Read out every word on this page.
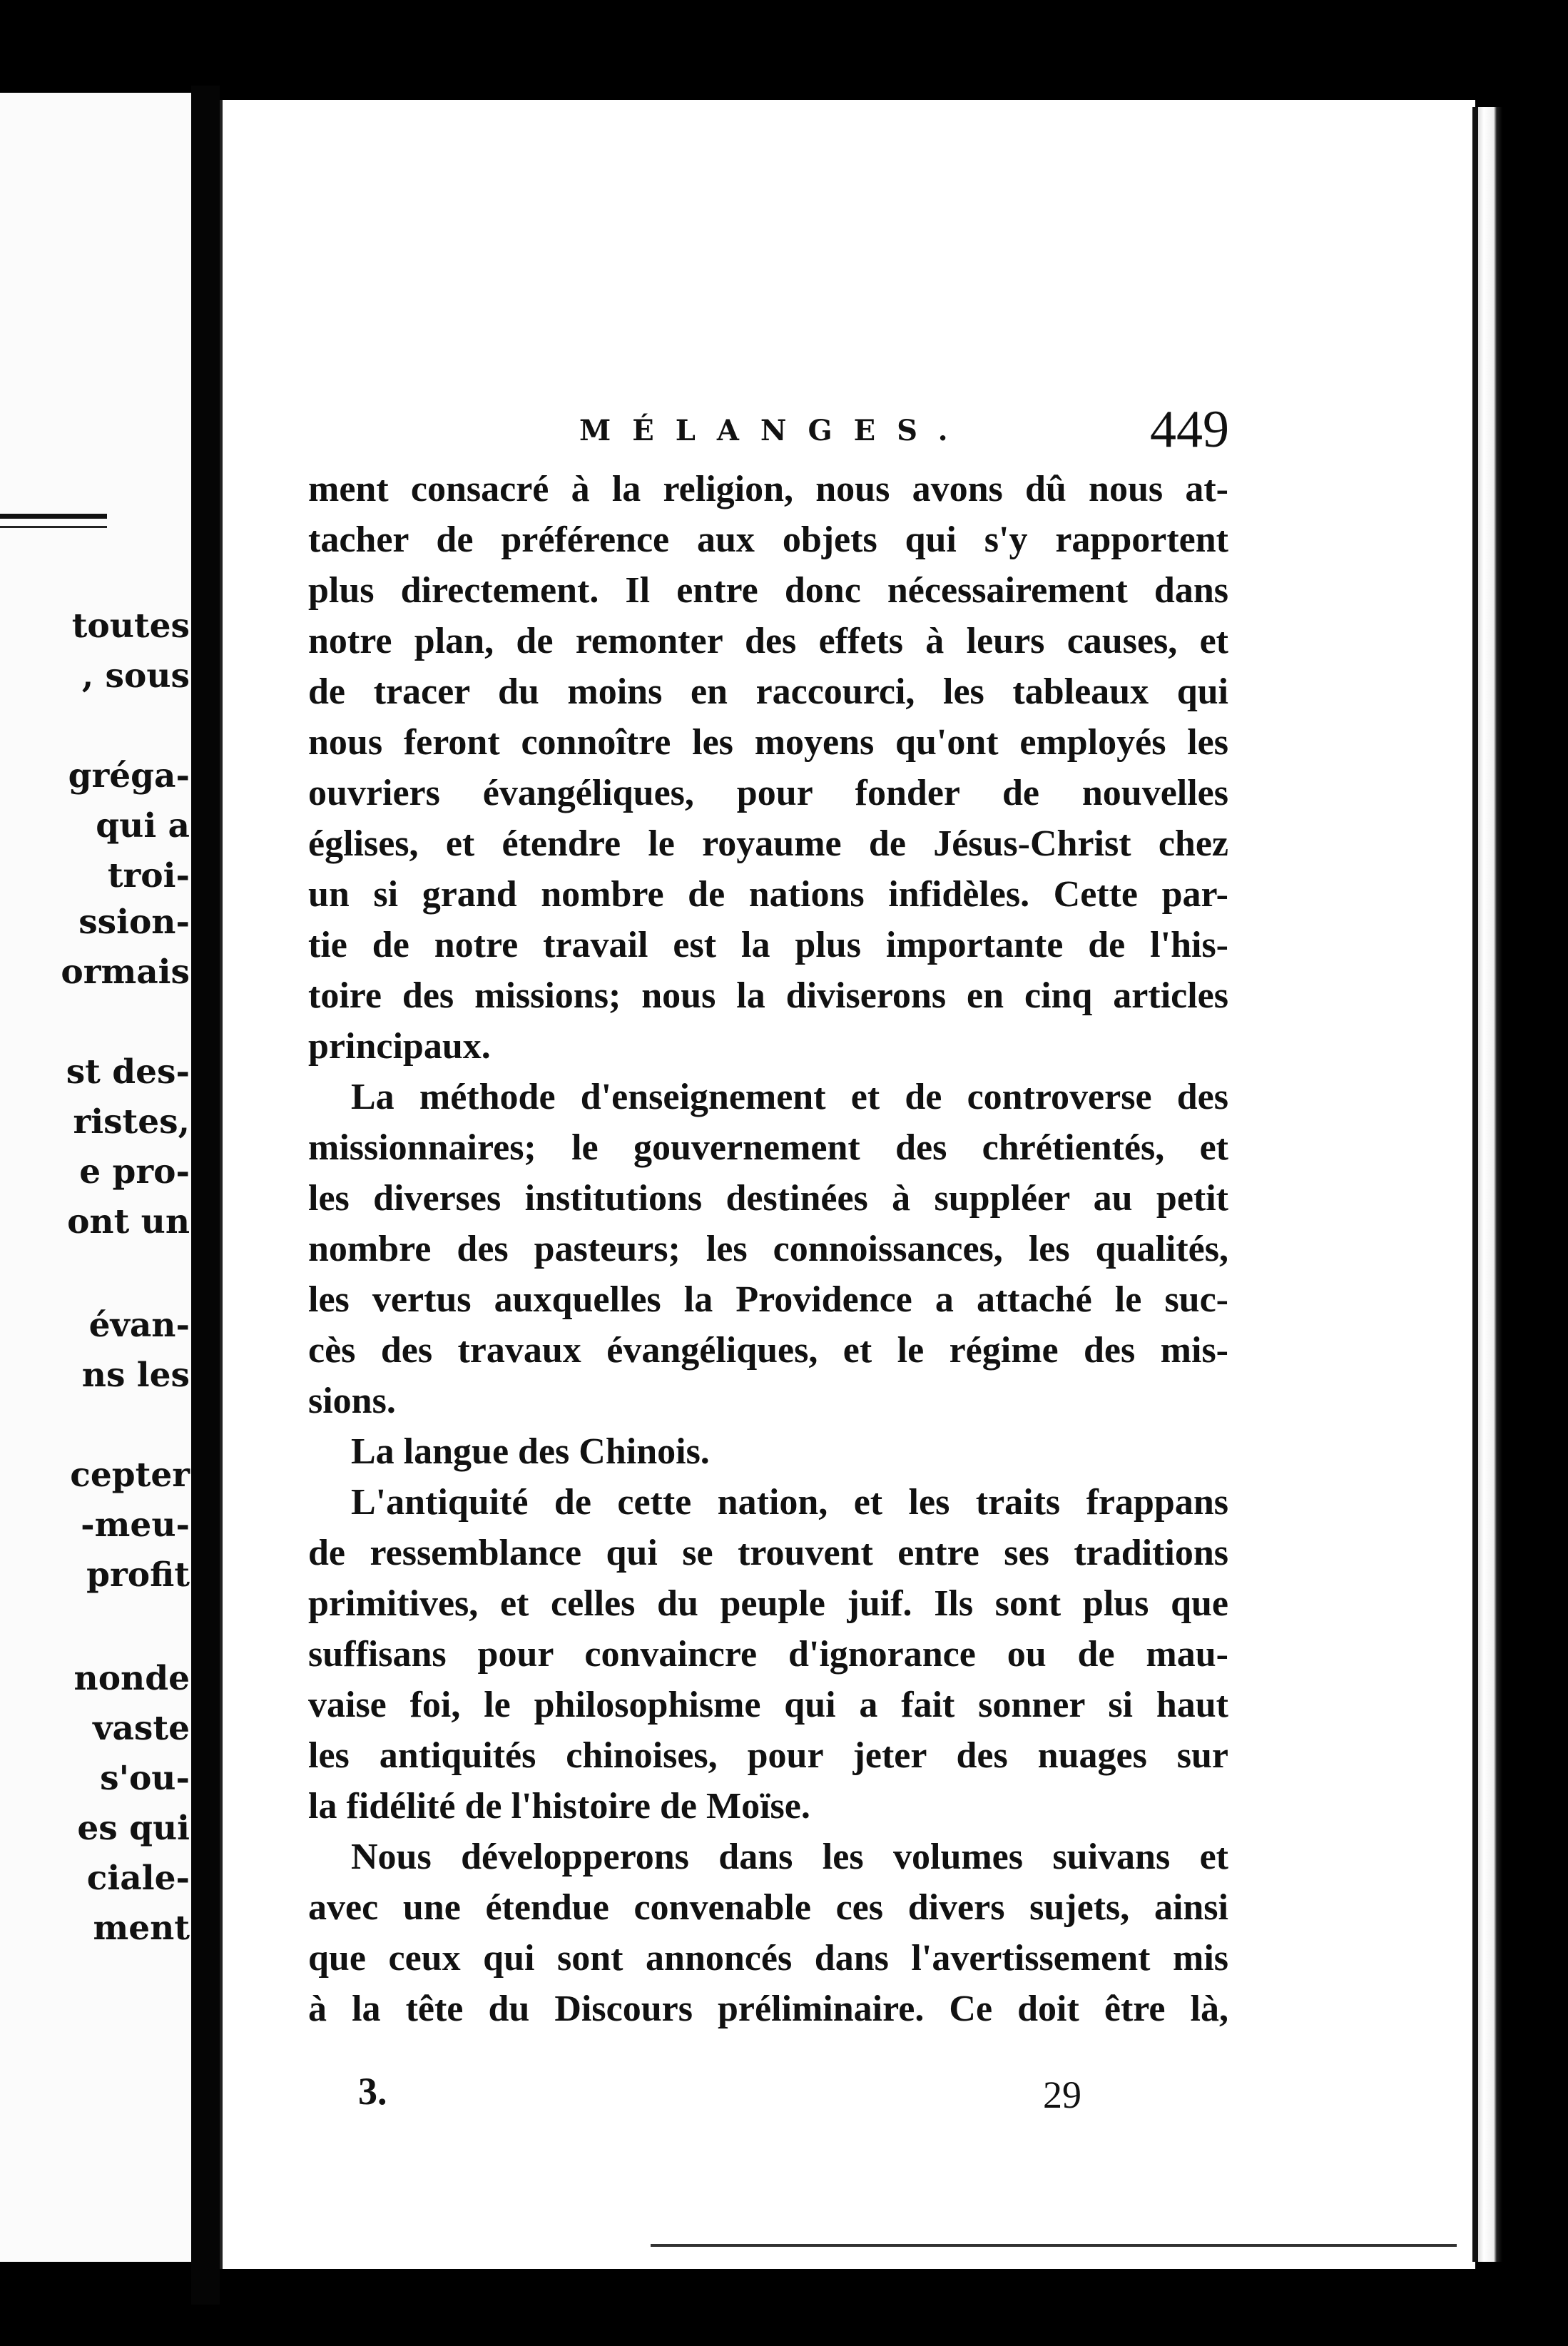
toutes
, sous
grégа-
qui a
troi-
ssion-
ormais
st des-
ristes,
e pro-
ont un
évan-
ns les
cepter
-meu-
profit
nonde
vaste
s'ou-
es qui
ciale-
ment
MÉLANGES.	449
ment consacré à la religion, nous avons dû nous at-
tacher de préférence aux objets qui s'y rapportent
plus directement. Il entre donc nécessairement dans
notre plan, de remonter des effets à leurs causes, et
de tracer du moins en raccourci, les tableaux qui
nous feront connoître les moyens qu'ont employés les
ouvriers évangéliques, pour fonder de nouvelles
églises, et étendre le royaume de Jésus-Christ chez
un si grand nombre de nations infidèles. Cette par-
tie de notre travail est la plus importante de l'his-
toire des missions; nous la diviserons en cinq articles
principaux.
La méthode d'enseignement et de controverse des
missionnaires; le gouvernement des chrétientés, et
les diverses institutions destinées à suppléer au petit
nombre des pasteurs; les connoissances, les qualités,
les vertus auxquelles la Providence a attaché le suc-
cès des travaux évangéliques, et le régime des mis-
sions.
La langue des Chinois.
L'antiquité de cette nation, et les traits frappans
de ressemblance qui se trouvent entre ses traditions
primitives, et celles du peuple juif. Ils sont plus que
suffisans pour convaincre d'ignorance ou de mau-
vaise foi, le philosophisme qui a fait sonner si haut
les antiquités chinoises, pour jeter des nuages sur
la fidélité de l'histoire de Moïse.
Nous développerons dans les volumes suivans et
avec une étendue convenable ces divers sujets, ainsi
que ceux qui sont annoncés dans l'avertissement mis
à la tête du Discours préliminaire. Ce doit être là,
3.	29
